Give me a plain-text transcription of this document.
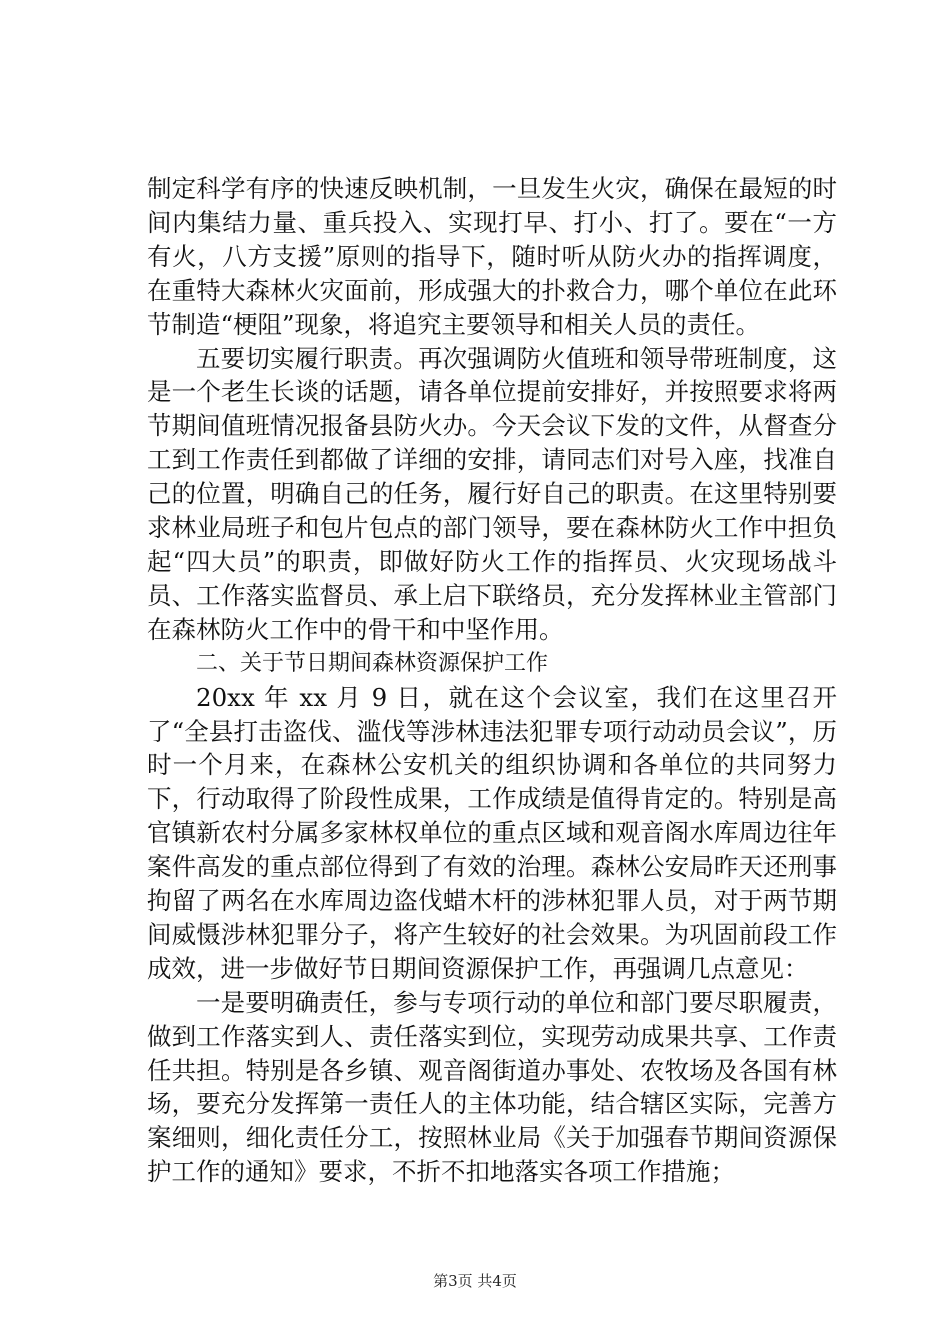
制定科学有序的快速反映机制，一旦发生火灾，确保在最短的时间内集结力量、重兵投入、实现打早、打小、打了。要在“一方有火，八方支援”原则的指导下，随时听从防火办的指挥调度，在重特大森林火灾面前，形成强大的扑救合力，哪个单位在此环节制造“梗阻”现象，将追究主要领导和相关人员的责任。

五要切实履行职责。再次强调防火值班和领导带班制度，这是一个老生长谈的话题，请各单位提前安排好，并按照要求将两节期间值班情况报备县防火办。今天会议下发的文件，从督查分工到工作责任到都做了详细的安排，请同志们对号入座，找准自己的位置，明确自己的任务，履行好自己的职责。在这里特别要求林业局班子和包片包点的部门领导，要在森林防火工作中担负起“四大员”的职责，即做好防火工作的指挥员、火灾现场战斗员、工作落实监督员、承上启下联络员，充分发挥林业主管部门在森林防火工作中的骨干和中坚作用。

二、关于节日期间森林资源保护工作

20xx 年 xx 月 9 日，就在这个会议室，我们在这里召开了“全县打击盗伐、滥伐等涉林违法犯罪专项行动动员会议”，历时一个月来，在森林公安机关的组织协调和各单位的共同努力下，行动取得了阶段性成果，工作成绩是值得肯定的。特别是高官镇新农村分属多家林权单位的重点区域和观音阁水库周边往年案件高发的重点部位得到了有效的治理。森林公安局昨天还刑事拘留了两名在水库周边盗伐蜡木杆的涉林犯罪人员，对于两节期间威慑涉林犯罪分子，将产生较好的社会效果。为巩固前段工作成效，进一步做好节日期间资源保护工作，再强调几点意见：

一是要明确责任，参与专项行动的单位和部门要尽职履责，做到工作落实到人、责任落实到位，实现劳动成果共享、工作责任共担。特别是各乡镇、观音阁街道办事处、农牧场及各国有林场，要充分发挥第一责任人的主体功能，结合辖区实际，完善方案细则，细化责任分工，按照林业局《关于加强春节期间资源保护工作的通知》要求，不折不扣地落实各项工作措施；

第3页 共4页
